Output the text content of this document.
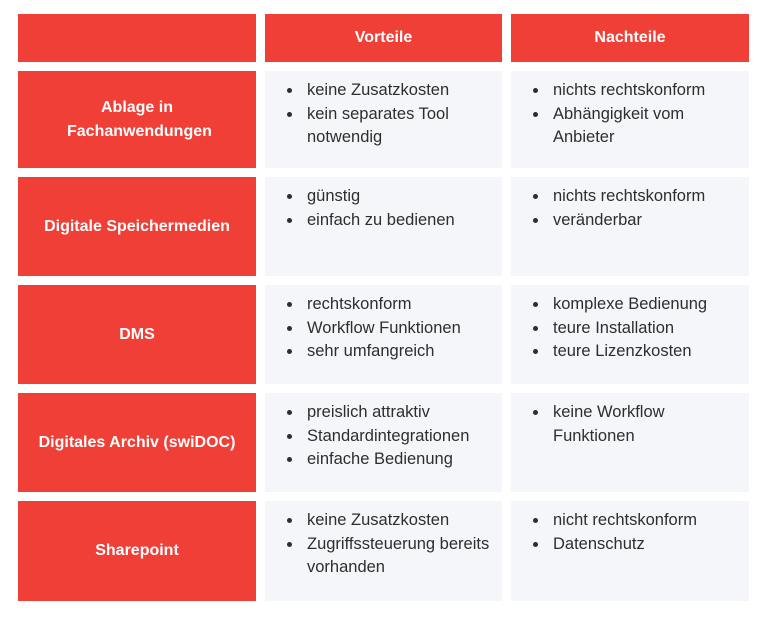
Vorteile	Nachteile
Ablage in Fachanwendungen
keine Zusatzkosten
kein separates Tool notwendig
nichts rechtskonform
Abhängigkeit vom Anbieter
Digitale Speichermedien
günstig
einfach zu bedienen
nichts rechtskonform
veränderbar
DMS
rechtskonform
Workflow Funktionen
sehr umfangreich
komplexe Bedienung
teure Installation
teure Lizenzkosten
Digitales Archiv (swiDOC)
preislich attraktiv
Standardintegrationen
einfache Bedienung
keine Workflow Funktionen
Sharepoint
keine Zusatzkosten
Zugriffssteuerung bereits vorhanden
nicht rechtskonform
Datenschutz
